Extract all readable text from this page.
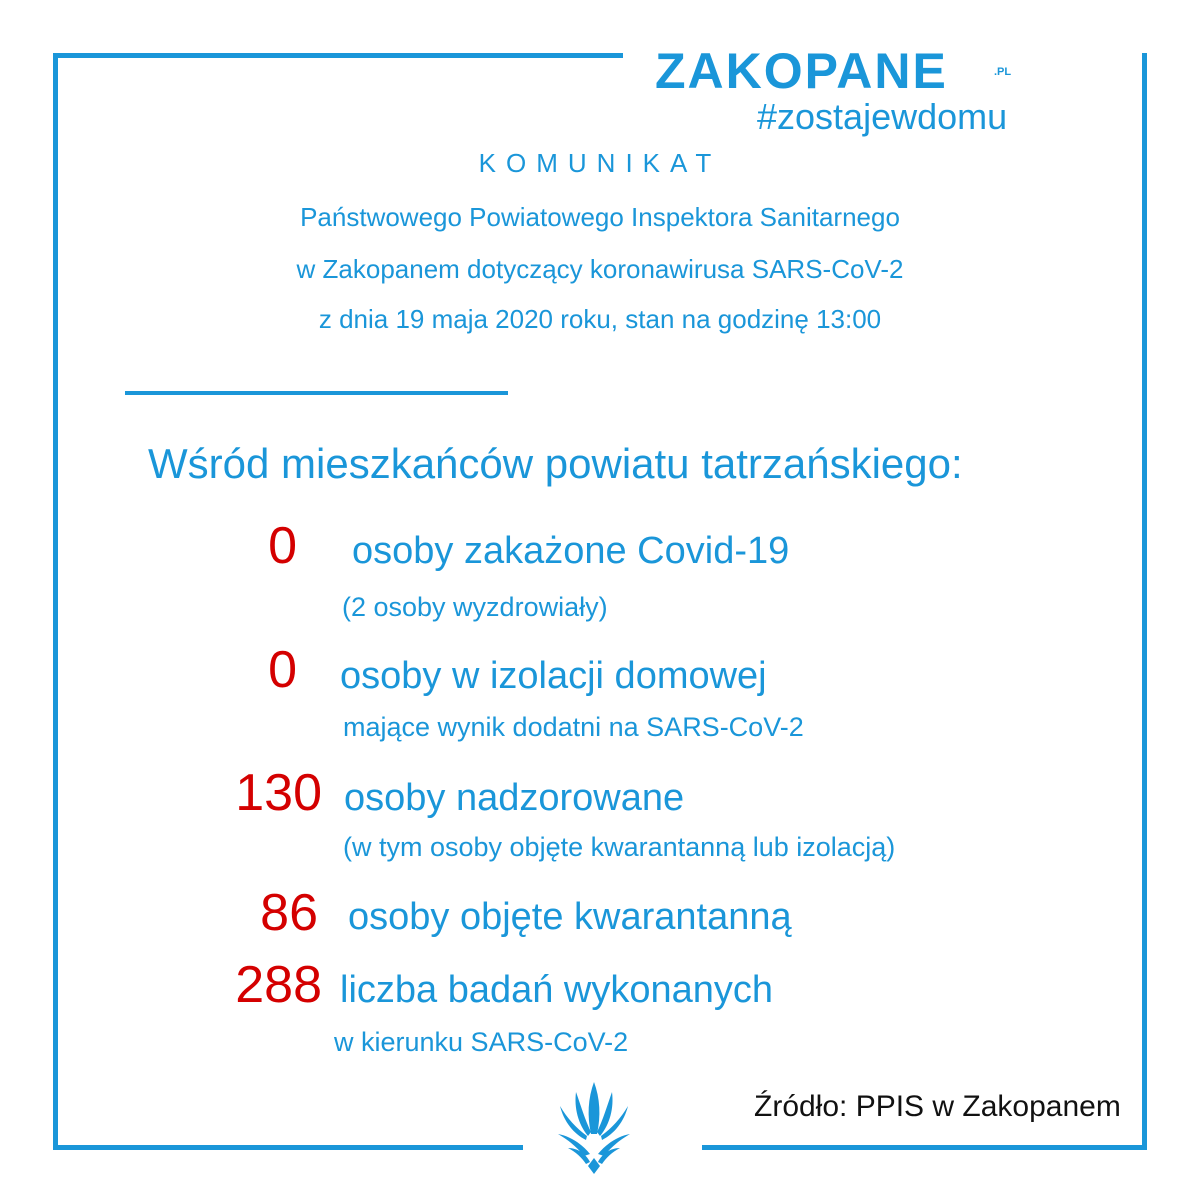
ZAKOPANE	.PL
#zostajewdomu
KOMUNIKAT
Państwowego Powiatowego Inspektora Sanitarnego
w Zakopanem dotyczący koronawirusa SARS-CoV-2
z dnia 19 maja 2020 roku, stan na godzinę 13:00
Wśród mieszkańców powiatu tatrzańskiego:
0 osoby zakażone Covid-19
(2 osoby wyzdrowiały)
0 osoby w izolacji domowej
mające wynik dodatni na SARS-CoV-2
130 osoby nadzorowane
(w tym osoby objęte kwarantanną lub izolacją)
86 osoby objęte kwarantanną
288 liczba badań wykonanych
w kierunku SARS-CoV-2
Źródło: PPIS w Zakopanem
